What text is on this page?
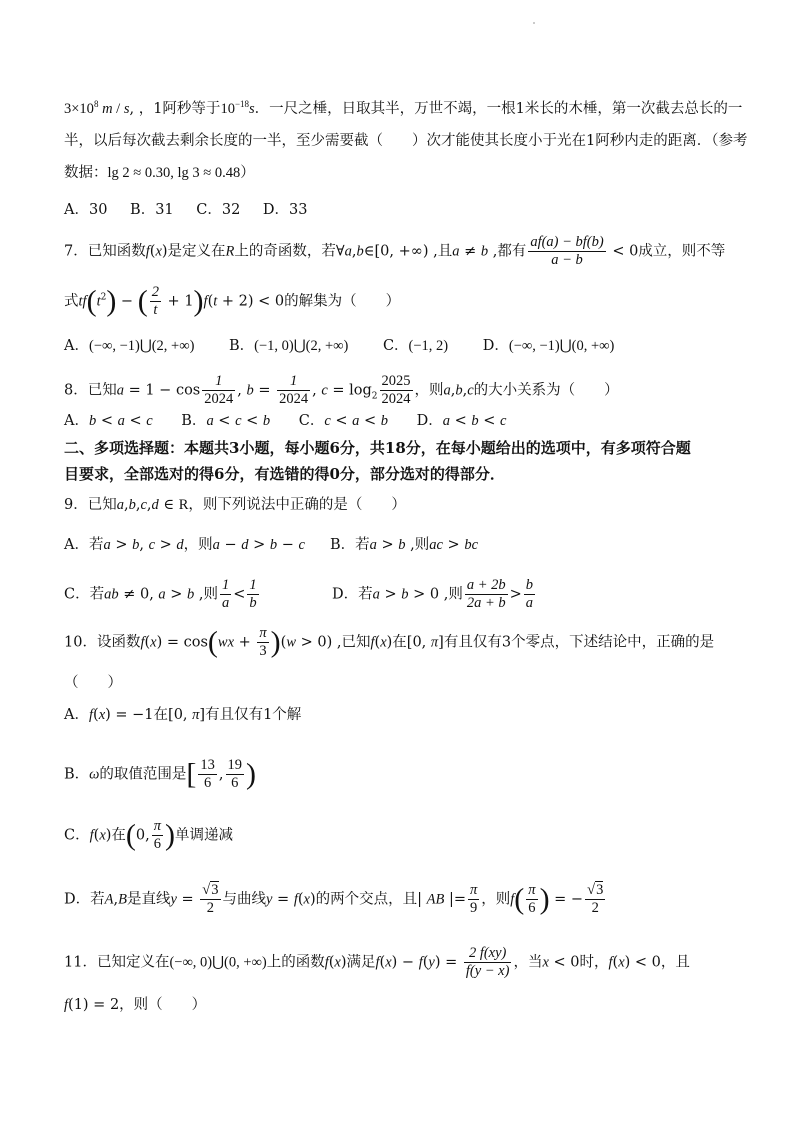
$3\times 10^8$ m / s, ，1阿秒等于$10^{-18}s$．一尺之棰，日取其半，万世不竭，一根1米长的木棰，第一次截去总长的一
半，以后每次截去剩余长度的一半，至少需要截（　　）次才能使其长度小于光在1阿秒内走的距离．（参考
数据：lg 2 ≈ 0.30, lg 3 ≈ 0.48）
A．30 B．31 C．32 D．33
7．已知函数f(x)是定义在R上的奇函数，若∀a,b∈[0, +∞) ,且a ≠ b ,都有 $\frac{af(a) - bf(b)}{a - b} < 0$成立，则不等
式$tf(t^2)$ − ( $\frac{2}{t} + 1)f(t + 2) < 0$的解集为（　　）
A．(−∞, −1)⋃(2, +∞) B．(−1, 0)⋃(2, +∞) C．(−1, 2) D．(−∞, −1)⋃(0, +∞)
8．已知$a = 1 - \cos \frac{1}{2024}$ , $b = \frac{1}{2024}$ , $c = \log_2 \frac{2025}{2024}$ ，则a,b,c的大小关系为（　　）
A．b < a < c B．a < c < b C．c < a < b D．a < b < c
二、多项选择题：本题共3小题，每小题6分，共18分，在每小题给出的选项中，有多项符合题
目要求，全部选对的得6分，有选错的得0分，部分选对的得部分．
9．已知a,b,c,d ∈ R，则下列说法中正确的是（　　）
A．若a > b, c > d，则a − d > b − c B．若a > b ,则ac > bc
C．若ab ≠ 0, a > b ,则 $\frac{1}{a} < \frac{1}{b}$	D．若a > b > 0 ,则 $\frac{a + 2b}{2a + b} > \frac{b}{a}$
10．设函数$f(x) = \cos(wx + \frac{\pi}{3} )(w > 0)$ ,已知f(x)在[0, π]有且仅有3个零点，下述结论中，正确的是
（　　）
A．f(x) = −1在[0, π]有且仅有1个解
B．ω的取值范围是[ $\frac{13}{6}$ , $\frac{19}{6}$ )
C．f(x)在(0, $\frac{\pi}{6}$ )单调递减
D．若A,B是直线$y = \frac{√3}{2}$ 与曲线y = f(x)的两个交点，且| AB |= $\frac{\pi}{9}$ ，则$f( \frac{\pi}{6}$ ) = − $\frac{√3}{2}$
11．已知定义在(−∞, 0)⋃(0, +∞)上的函数f(x)满足$f(x) - f(y) = \frac{2 f(xy)}{f(y - x)}$ ，当x < 0时，f(x) < 0，且
f(1) = 2，则（　　）
